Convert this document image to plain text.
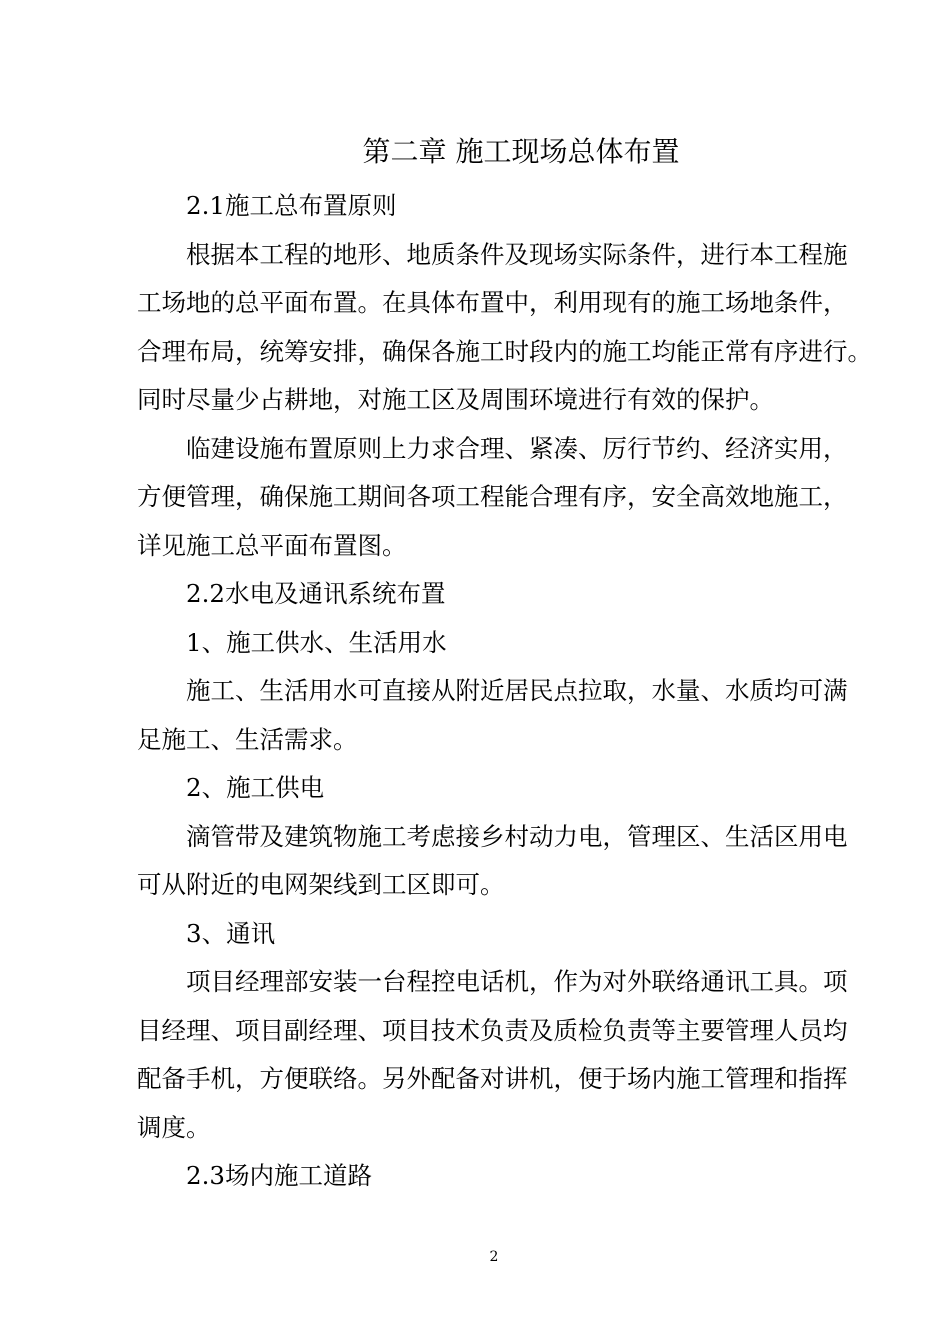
第二章 施工现场总体布置

2.1施工总布置原则

根据本工程的地形、地质条件及现场实际条件，进行本工程施
工场地的总平面布置。在具体布置中，利用现有的施工场地条件，
合理布局，统筹安排，确保各施工时段内的施工均能正常有序进行。
同时尽量少占耕地，对施工区及周围环境进行有效的保护。

临建设施布置原则上力求合理、紧凑、厉行节约、经济实用，
方便管理，确保施工期间各项工程能合理有序，安全高效地施工，
详见施工总平面布置图。

2.2水电及通讯系统布置

1、施工供水、生活用水

施工、生活用水可直接从附近居民点拉取，水量、水质均可满
足施工、生活需求。

2、施工供电

滴管带及建筑物施工考虑接乡村动力电，管理区、生活区用电
可从附近的电网架线到工区即可。

3、通讯

项目经理部安装一台程控电话机，作为对外联络通讯工具。项
目经理、项目副经理、项目技术负责及质检负责等主要管理人员均
配备手机，方便联络。另外配备对讲机，便于场内施工管理和指挥
调度。

2.3场内施工道路

2
